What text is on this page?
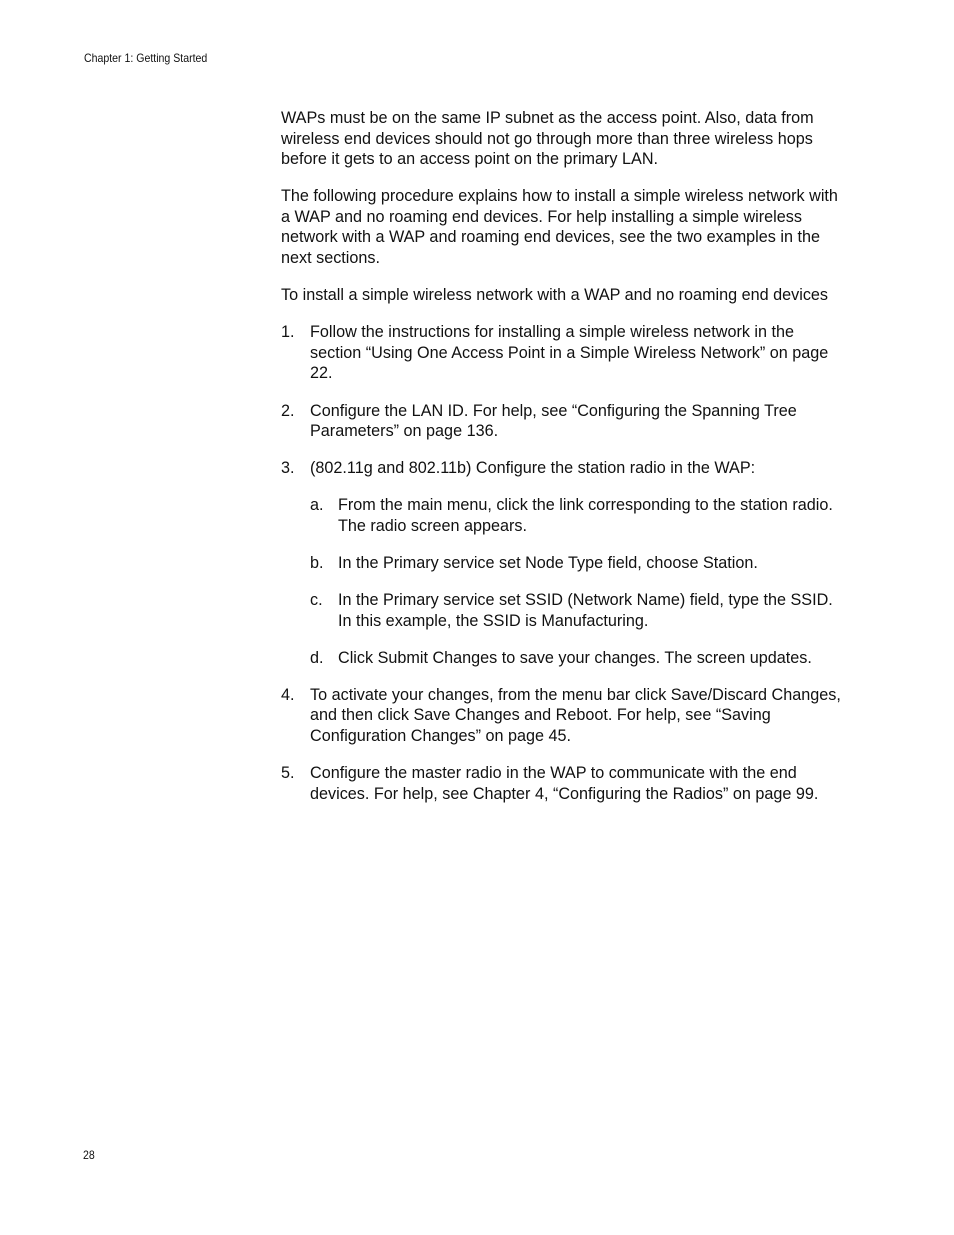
Chapter 1: Getting Started

WAPs must be on the same IP subnet as the access point. Also, data from wireless end devices should not go through more than three wireless hops before it gets to an access point on the primary LAN.

The following procedure explains how to install a simple wireless network with a WAP and no roaming end devices. For help installing a simple wireless network with a WAP and roaming end devices, see the two examples in the next sections.

To install a simple wireless network with a WAP and no roaming end devices

1. Follow the instructions for installing a simple wireless network in the section “Using One Access Point in a Simple Wireless Network” on page 22.
2. Configure the LAN ID. For help, see “Configuring the Spanning Tree Parameters” on page 136.
3. (802.11g and 802.11b) Configure the station radio in the WAP:
a. From the main menu, click the link corresponding to the station radio. The radio screen appears.
b. In the Primary service set Node Type field, choose Station.
c. In the Primary service set SSID (Network Name) field, type the SSID. In this example, the SSID is Manufacturing.
d. Click Submit Changes to save your changes. The screen updates.
4. To activate your changes, from the menu bar click Save/Discard Changes, and then click Save Changes and Reboot. For help, see “Saving Configuration Changes” on page 45.
5. Configure the master radio in the WAP to communicate with the end devices. For help, see Chapter 4, “Configuring the Radios” on page 99.
28
